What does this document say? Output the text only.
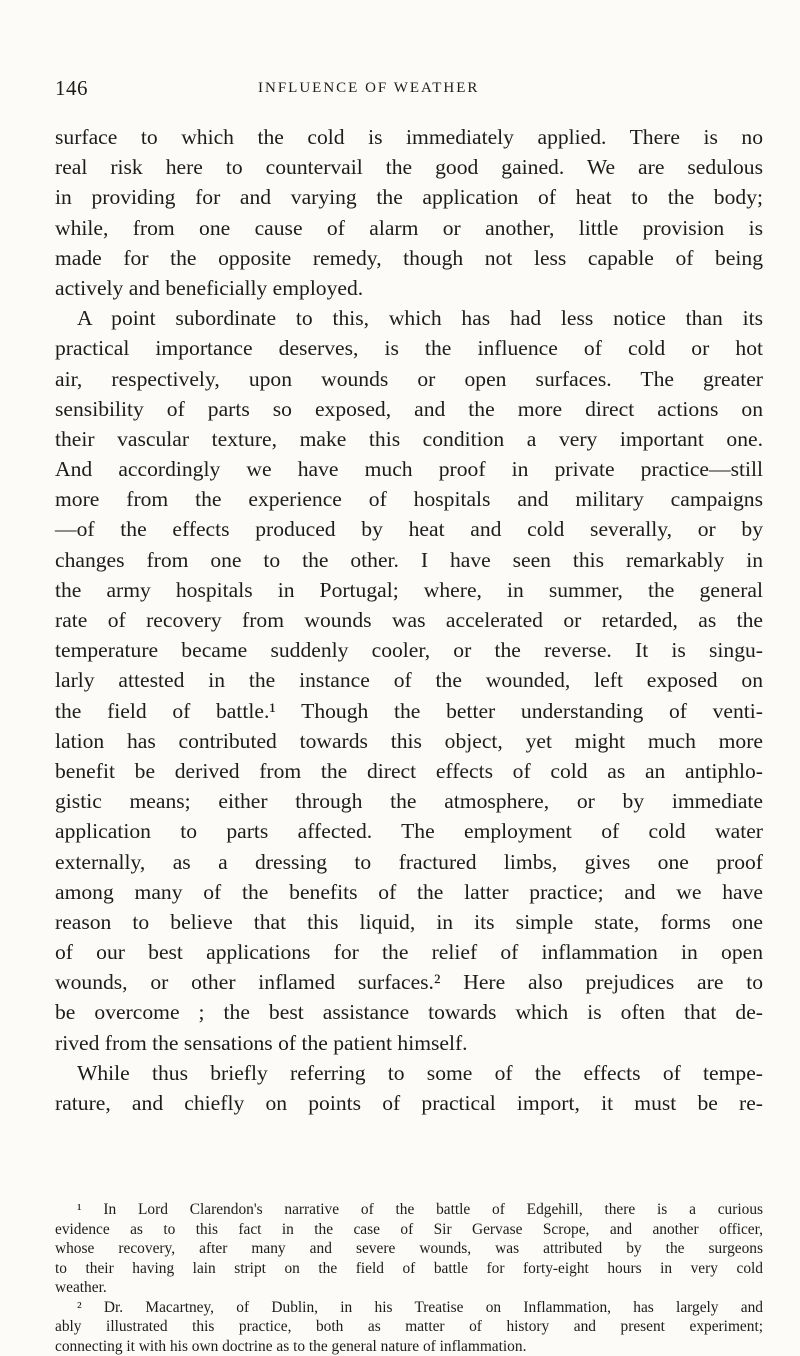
146	INFLUENCE OF WEATHER
surface to which the cold is immediately applied. There is no
real risk here to countervail the good gained. We are sedulous
in providing for and varying the application of heat to the body;
while, from one cause of alarm or another, little provision is
made for the opposite remedy, though not less capable of being
actively and beneficially employed.
A point subordinate to this, which has had less notice than its
practical importance deserves, is the influence of cold or hot
air, respectively, upon wounds or open surfaces. The greater
sensibility of parts so exposed, and the more direct actions on
their vascular texture, make this condition a very important one.
And accordingly we have much proof in private practice—still
more from the experience of hospitals and military campaigns
—of the effects produced by heat and cold severally, or by
changes from one to the other. I have seen this remarkably in
the army hospitals in Portugal; where, in summer, the general
rate of recovery from wounds was accelerated or retarded, as the
temperature became suddenly cooler, or the reverse. It is singu-
larly attested in the instance of the wounded, left exposed on
the field of battle.¹ Though the better understanding of venti-
lation has contributed towards this object, yet might much more
benefit be derived from the direct effects of cold as an antiphlo-
gistic means; either through the atmosphere, or by immediate
application to parts affected. The employment of cold water
externally, as a dressing to fractured limbs, gives one proof
among many of the benefits of the latter practice; and we have
reason to believe that this liquid, in its simple state, forms one
of our best applications for the relief of inflammation in open
wounds, or other inflamed surfaces.² Here also prejudices are to
be overcome ; the best assistance towards which is often that de-
rived from the sensations of the patient himself.
While thus briefly referring to some of the effects of tempe-
rature, and chiefly on points of practical import, it must be re-
¹ In Lord Clarendon's narrative of the battle of Edgehill, there is a curious
evidence as to this fact in the case of Sir Gervase Scrope, and another officer,
whose recovery, after many and severe wounds, was attributed by the surgeons
to their having lain stript on the field of battle for forty-eight hours in very cold
weather.
² Dr. Macartney, of Dublin, in his Treatise on Inflammation, has largely and
ably illustrated this practice, both as matter of history and present experiment;
connecting it with his own doctrine as to the general nature of inflammation.
